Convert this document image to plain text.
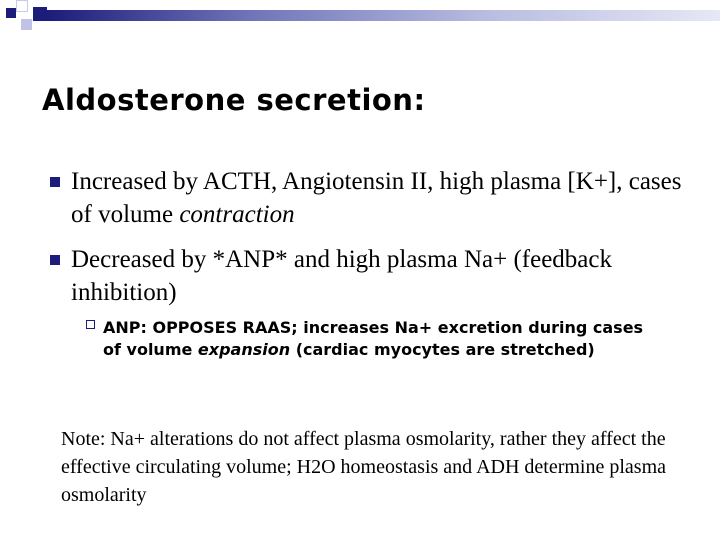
Aldosterone secretion:
Increased by ACTH, Angiotensin II, high plasma [K+], cases of volume contraction
Decreased by *ANP* and high plasma Na+ (feedback inhibition)
ANP: OPPOSES RAAS; increases Na+ excretion during cases of volume expansion (cardiac myocytes are stretched)
Note: Na+ alterations do not affect plasma osmolarity, rather they affect the effective circulating volume; H2O homeostasis and ADH determine plasma osmolarity
